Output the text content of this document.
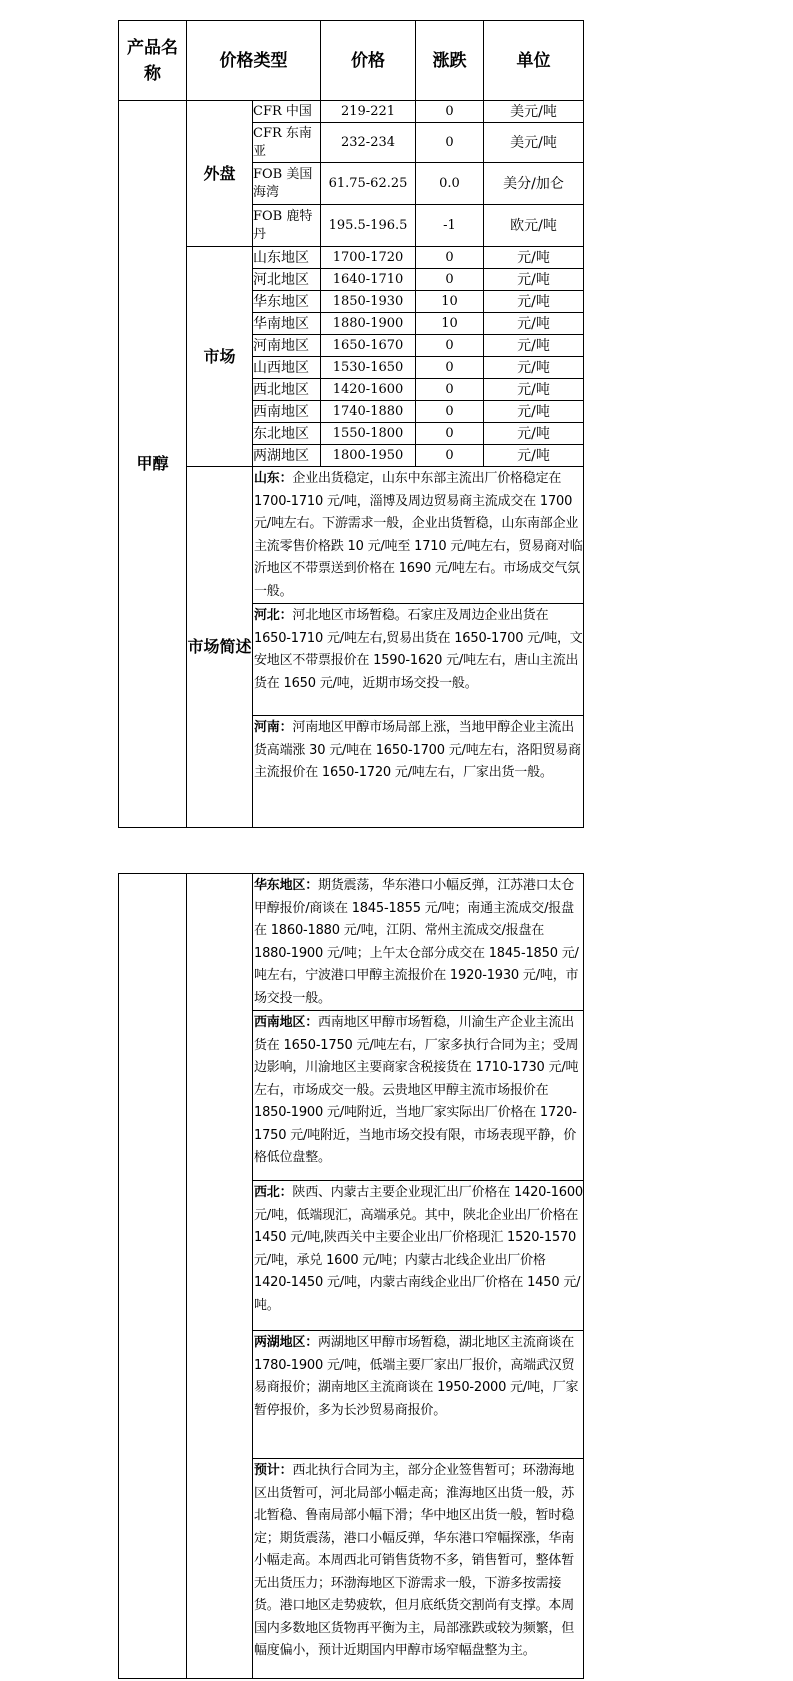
产品名称	价格类型		价格	涨跌	单位
甲醇	外盘	CFR 中国	219-221	0	美元/吨
		CFR 东南亚	232-234	0	美元/吨
		FOB 美国海湾	61.75-62.25	0.0	美分/加仑
		FOB 鹿特丹	195.5-196.5	-1	欧元/吨
	市场	山东地区	1700-1720	0	元/吨
		河北地区	1640-1710	0	元/吨
		华东地区	1850-1930	10	元/吨
		华南地区	1880-1900	10	元/吨
		河南地区	1650-1670	0	元/吨
		山西地区	1530-1650	0	元/吨
		西北地区	1420-1600	0	元/吨
		西南地区	1740-1880	0	元/吨
		东北地区	1550-1800	0	元/吨
		两湖地区	1800-1950	0	元/吨
	市场简述	山东：企业出货稳定，山东中东部主流出厂价格稳定在 1700-1710 元/吨，淄博及周边贸易商主流成交在 1700 元/吨左右。下游需求一般，企业出货暂稳，山东南部企业主流零售价格跌 10 元/吨至 1710 元/吨左右，贸易商对临沂地区不带票送到价格在 1690 元/吨左右。市场成交气氛一般。			
		河北：河北地区市场暂稳。石家庄及周边企业出货在 1650-1710 元/吨左右,贸易出货在 1650-1700 元/吨，文安地区不带票报价在 1590-1620 元/吨左右，唐山主流出货在 1650 元/吨，近期市场交投一般。			
		河南：河南地区甲醇市场局部上涨，当地甲醇企业主流出货高端涨 30 元/吨在 1650-1700 元/吨左右，洛阳贸易商主流报价在 1650-1720 元/吨左右，厂家出货一般。			
		华东地区：期货震荡，华东港口小幅反弹，江苏港口太仓甲醇报价/商谈在 1845-1855 元/吨；南通主流成交/报盘在 1860-1880 元/吨，江阴、常州主流成交/报盘在 1880-1900 元/吨；上午太仓部分成交在 1845-1850 元/吨左右，宁波港口甲醇主流报价在 1920-1930 元/吨，市场交投一般。
西南地区：西南地区甲醇市场暂稳，川渝生产企业主流出货在 1650-1750 元/吨左右，厂家多执行合同为主；受周边影响，川渝地区主要商家含税接货在 1710-1730 元/吨左右，市场成交一般。云贵地区甲醇主流市场报价在 1850-1900 元/吨附近，当地厂家实际出厂价格在 1720-1750 元/吨附近，当地市场交投有限，市场表现平静，价格低位盘整。
西北：陕西、内蒙古主要企业现汇出厂价格在 1420-1600 元/吨，低端现汇，高端承兑。其中，陕北企业出厂价格在 1450 元/吨,陕西关中主要企业出厂价格现汇 1520-1570 元/吨，承兑 1600 元/吨；内蒙古北线企业出厂价格 1420-1450 元/吨，内蒙古南线企业出厂价格在 1450 元/吨。
两湖地区：两湖地区甲醇市场暂稳，湖北地区主流商谈在 1780-1900 元/吨，低端主要厂家出厂报价，高端武汉贸易商报价；湖南地区主流商谈在 1950-2000 元/吨，厂家暂停报价，多为长沙贸易商报价。
预计：西北执行合同为主，部分企业签售暂可；环渤海地区出货暂可，河北局部小幅走高；淮海地区出货一般，苏北暂稳、鲁南局部小幅下滑；华中地区出货一般，暂时稳定；期货震荡，港口小幅反弹，华东港口窄幅探涨，华南小幅走高。本周西北可销售货物不多，销售暂可，整体暂无出货压力；环渤海地区下游需求一般，下游多按需接货。港口地区走势疲软，但月底纸货交割尚有支撑。本周国内多数地区货物再平衡为主，局部涨跌或较为频繁，但幅度偏小，预计近期国内甲醇市场窄幅盘整为主。
